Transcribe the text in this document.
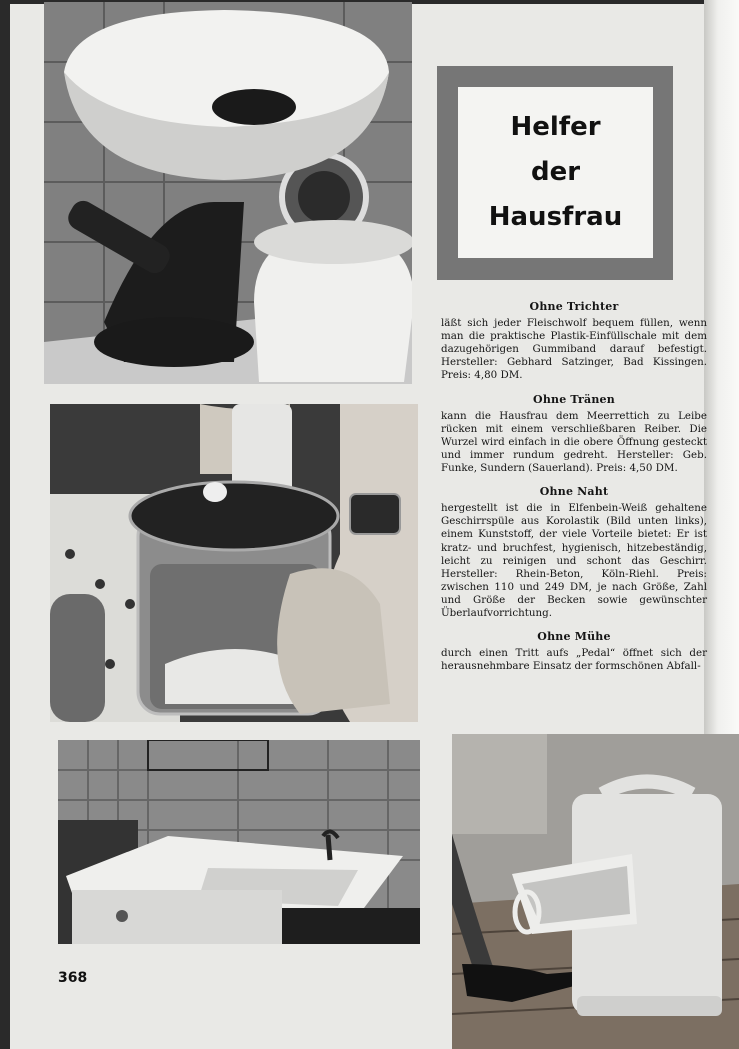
Helfer
der
Hausfrau
Ohne Trichter
läßt sich jeder Fleischwolf bequem füllen, wenn man die praktische Plastik-Einfüllschale mit dem dazugehörigen Gummiband darauf befestigt. Hersteller: Gebhard Satzinger, Bad Kissingen. Preis: 4,80 DM.
Ohne Tränen
kann die Hausfrau dem Meerrettich zu Leibe rücken mit einem verschließbaren Reiber. Die Wurzel wird einfach in die obere Öffnung gesteckt und immer rundum gedreht. Hersteller: Geb. Funke, Sundern (Sauerland). Preis: 4,50 DM.
Ohne Naht
hergestellt ist die in Elfenbein-Weiß gehaltene Geschirrspüle aus Korolastik (Bild unten links), einem Kunststoff, der viele Vorteile bietet: Er ist kratz- und bruchfest, hygienisch, hitzebeständig, leicht zu reinigen und schont das Geschirr. Hersteller: Rhein-Beton, Köln-Riehl. Preis: zwischen 110 und 249 DM, je nach Größe, Zahl und Größe der Becken sowie gewünschter Überlaufvorrichtung.
Ohne Mühe
durch einen Tritt aufs „Pedal“ öffnet sich der herausnehmbare Einsatz der formschönen Abfall-
368
